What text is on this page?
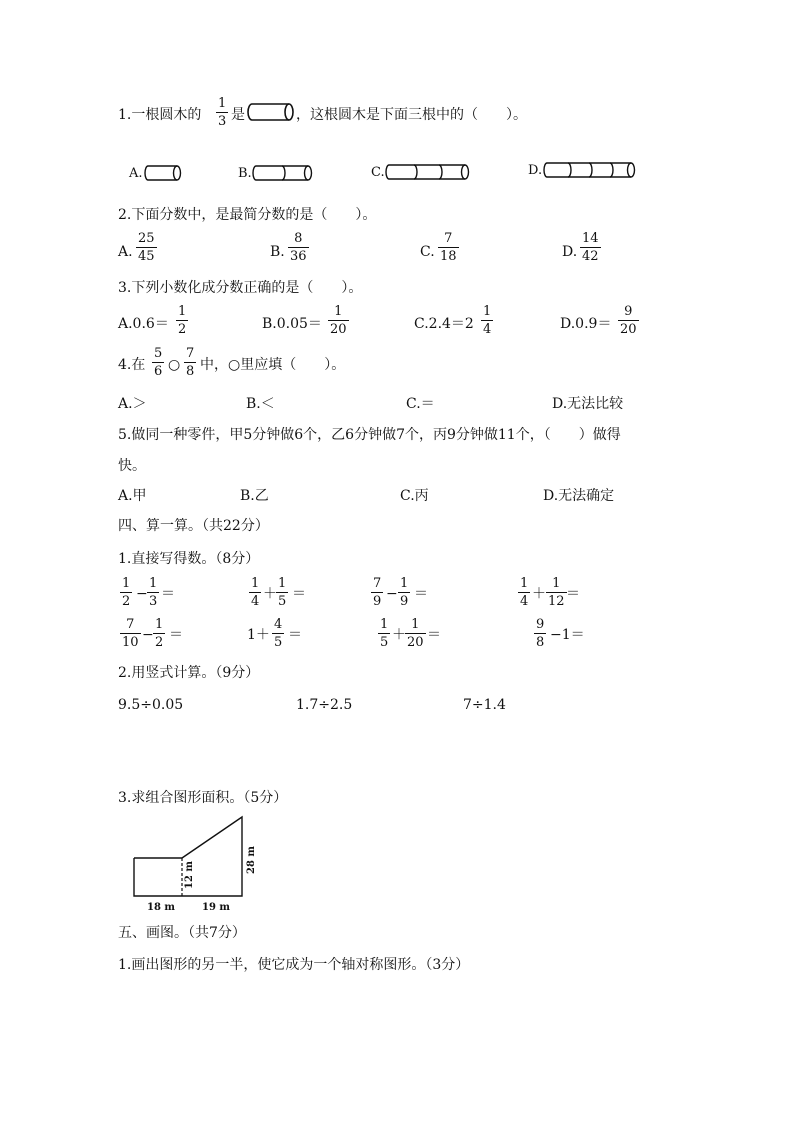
1.一根圆木的 $\frac{1}{3}$ 是	，这根圆木是下面三根中的（　　）。
A.	B.	C.	D.
2.下面分数中，是最简分数的是（　　）。
A. $\frac{25}{45}$	B. $\frac{8}{36}$	C. $\frac{7}{18}$	D. $\frac{14}{42}$
3.下列小数化成分数正确的是（　　）。
$A.0.6= \frac{1}{2}$	$B.0.05= \frac{1}{20}$	$C.2.4=2 \frac{1}{4}$	$D.0.9= \frac{9}{20}$
4.在 $\frac{5}{6}$ ○ $\frac{7}{8}$ 中，○里应填（　　）。
A.＞	B.＜	C.＝	D.无法比较
5.做同一种零件，甲5分钟做6个，乙6分钟做7个，丙9分钟做11个，（　　）做得
快。
A.甲	B.乙	C.丙	D.无法确定
四、算一算。（共22分）
1.直接写得数。（8分）
$\frac{1}{2} - \frac{1}{3}$ ＝	$\frac{1}{4} + \frac{1}{5}$ ＝	$\frac{7}{9} - \frac{1}{9}$ ＝	$\frac{1}{4} + \frac{1}{12}$ ＝
$\frac{7}{10} - \frac{1}{2}$ ＝	$1+ \frac{4}{5}$ ＝	$\frac{1}{5} + \frac{1}{20}$ ＝	$\frac{9}{8} -1=$
2.用竖式计算。（9分）
9.5÷0.05	1.7÷2.5	7÷1.4
3.求组合图形面积。（5分）
18 m	19 m
12 m
28 m
五、画图。（共7分）
1.画出图形的另一半，使它成为一个轴对称图形。（3分）
